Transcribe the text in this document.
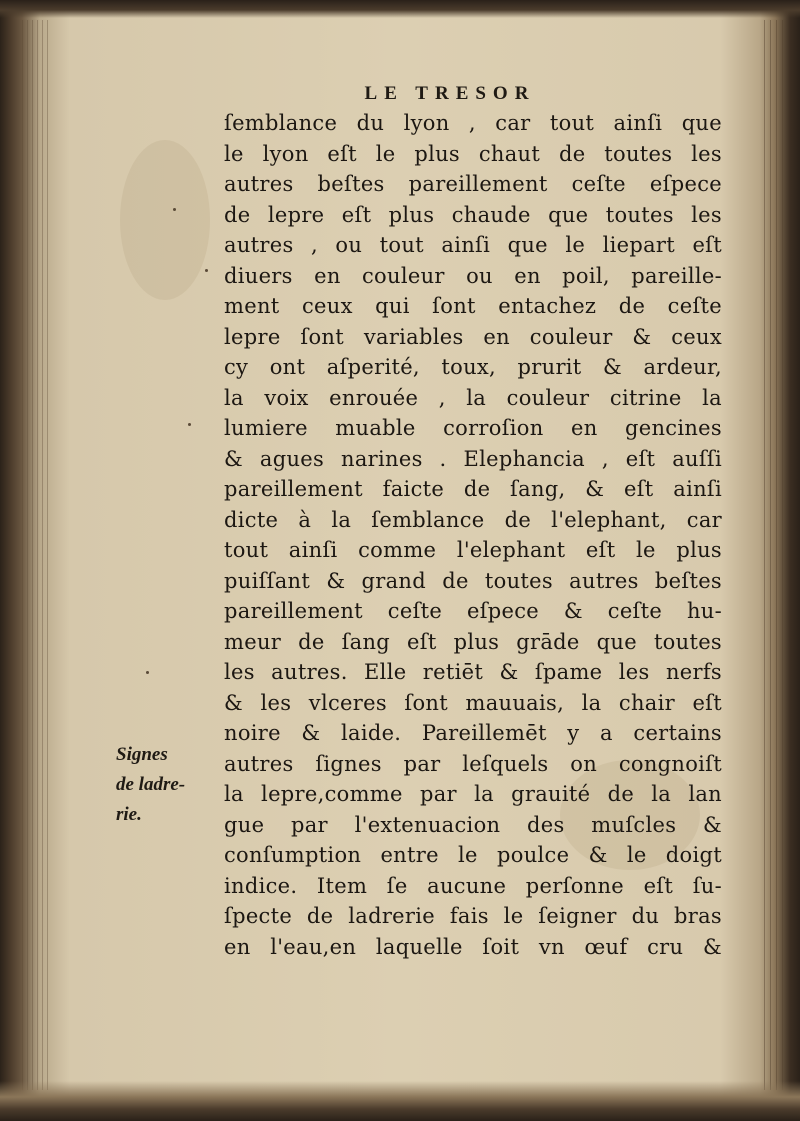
LE TRESOR
ſemblance du lyon , car tout ainſi que
le lyon eſt le plus chaut de toutes les
autres beſtes pareillement ceſte eſpece
de lepre eſt plus chaude que toutes les
autres , ou tout ainſi que le liepart eſt
diuers en couleur ou en poil, pareille-
ment ceux qui ſont entachez de ceſte
lepre ſont variables en couleur & ceux
cy ont aſperité, toux, prurit & ardeur,
la voix enrouée , la couleur citrine la
lumiere muable corroſion en gencines
& agues narines . Elephancia , eſt auſſi
pareillement faicte de ſang, & eſt ainſi
dicte à la ſemblance de l'elephant, car
tout ainſi comme l'elephant eſt le plus
puiſſant & grand de toutes autres beſtes
pareillement ceſte eſpece & ceſte hu-
meur de ſang eſt plus grāde que toutes
les autres. Elle retiēt & ſpame les nerfs
& les vlceres ſont mauuais, la chair eſt
noire & laide. Pareillemēt y a certains
autres ſignes par leſquels on congnoiſt
la lepre,comme par la grauité de la lan
gue par l'extenuacion des muſcles &
conſumption entre le poulce & le doigt
indice. Item ſe aucune perſonne eſt ſu-
ſpecte de ladrerie fais le ſeigner du bras
en l'eau,en laquelle ſoit vn œuf cru &
Signes
de ladre-
rie.
